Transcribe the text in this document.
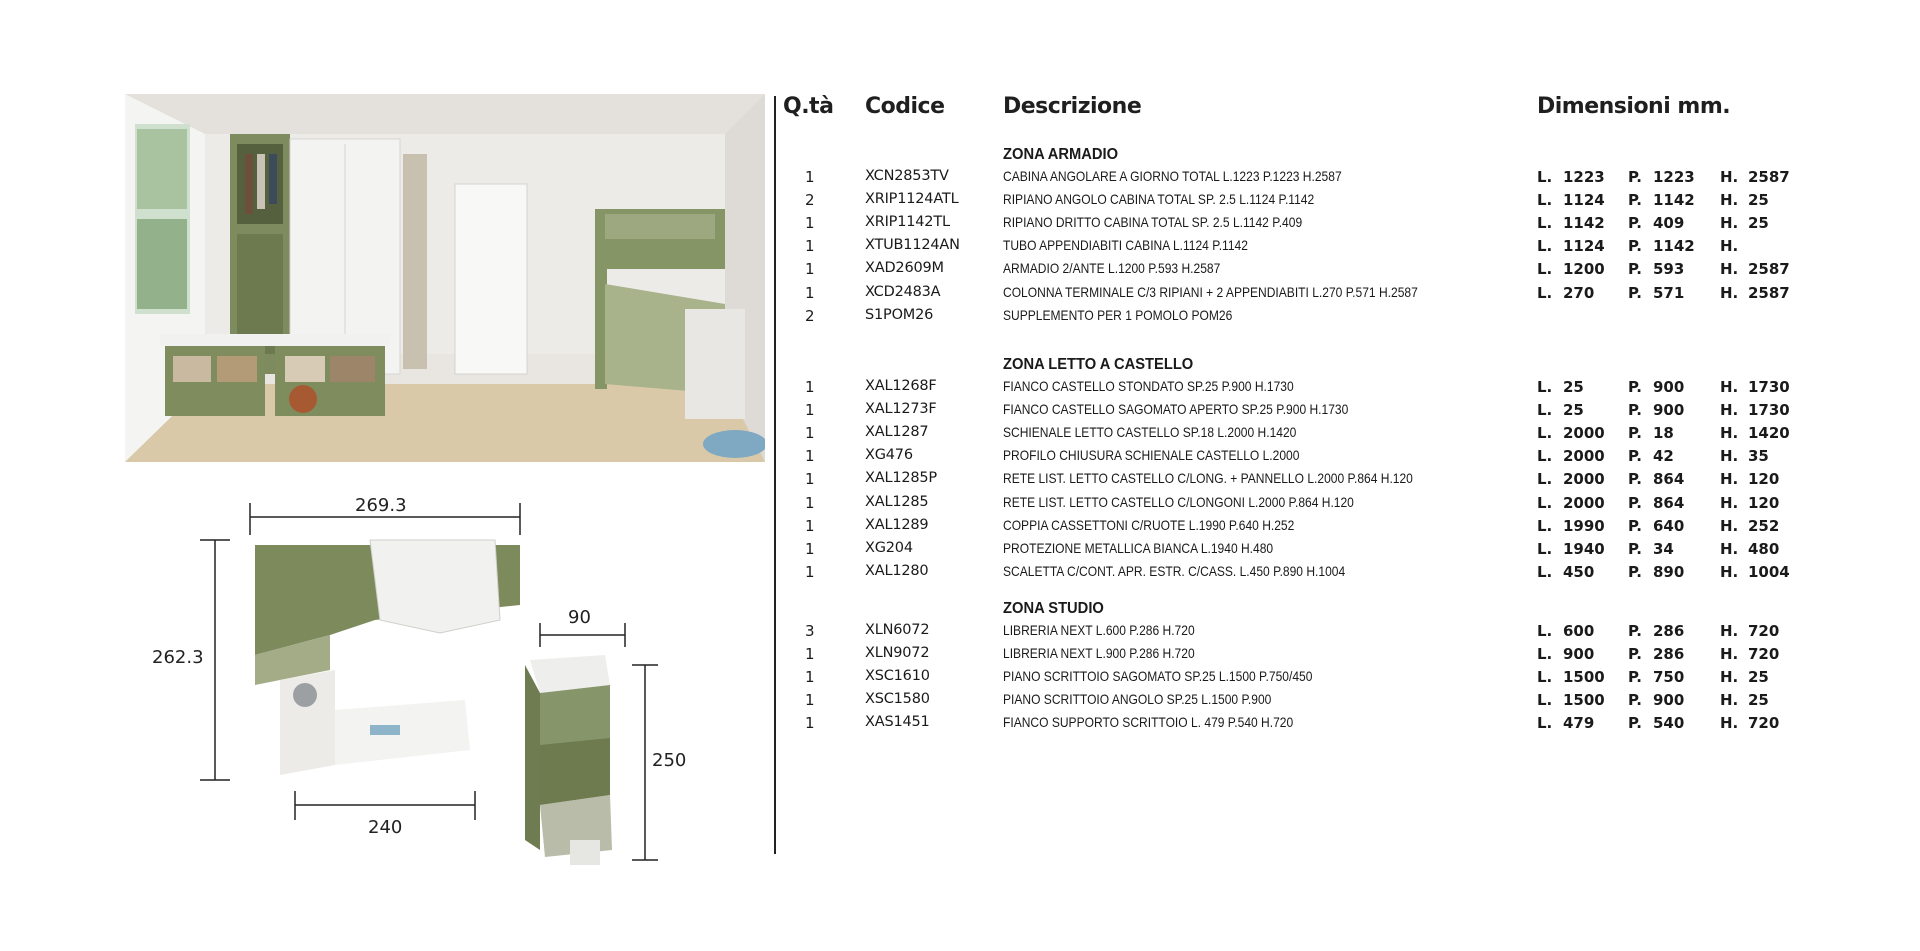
269.3
262.3
240
90
250
Q.tà Codice	Descrizione	Dimensioni mm.
ZONA ARMADIO
1	XCN2853TV	CABINA ANGOLARE A GIORNO TOTAL L.1223 P.1223 H.2587	L. 1223 P. 1223 H. 2587
2	XRIP1124ATL	RIPIANO ANGOLO CABINA TOTAL SP. 2.5 L.1124 P.1142	L. 1124 P. 1142 H. 25
1	XRIP1142TL	RIPIANO DRITTO CABINA TOTAL SP. 2.5 L.1142 P.409	L. 1142 P. 409 H. 25
1	XTUB1124AN	TUBO APPENDIABITI CABINA L.1124 P.1142	L. 1124 P. 1142 H.
1	XAD2609M	ARMADIO 2/ANTE L.1200 P.593 H.2587	L. 1200 P. 593 H. 2587
1	XCD2483A	COLONNA TERMINALE C/3 RIPIANI + 2 APPENDIABITI L.270 P.571 H.2587	L. 270 P. 571 H. 2587
2	S1POM26	SUPPLEMENTO PER 1 POMOLO POM26
ZONA LETTO A CASTELLO
1	XAL1268F	FIANCO CASTELLO STONDATO SP.25 P.900 H.1730	L. 25	P. 900 H. 1730
1	XAL1273F	FIANCO CASTELLO SAGOMATO APERTO SP.25 P.900 H.1730	L. 25	P. 900 H. 1730
1	XAL1287	SCHIENALE LETTO CASTELLO SP.18 L.2000 H.1420	L. 2000 P. 18	H. 1420
1	XG476	PROFILO CHIUSURA SCHIENALE CASTELLO L.2000	L. 2000 P. 42	H. 35
1	XAL1285P	RETE LIST. LETTO CASTELLO C/LONG. + PANNELLO L.2000 P.864 H.120	L. 2000 P. 864 H. 120
1	XAL1285	RETE LIST. LETTO CASTELLO C/LONGONI L.2000 P.864 H.120	L. 2000 P. 864 H. 120
1	XAL1289	COPPIA CASSETTONI C/RUOTE L.1990 P.640 H.252	L. 1990 P. 640 H. 252
1	XG204	PROTEZIONE METALLICA BIANCA L.1940 H.480	L. 1940 P. 34	H. 480
1	XAL1280	SCALETTA C/CONT. APR. ESTR. C/CASS. L.450 P.890 H.1004	L. 450 P. 890 H. 1004
ZONA STUDIO
3	XLN6072	LIBRERIA NEXT L.600 P.286 H.720	L. 600 P. 286 H. 720
1	XLN9072	LIBRERIA NEXT L.900 P.286 H.720	L. 900 P. 286 H. 720
1	XSC1610	PIANO SCRITTOIO SAGOMATO SP.25 L.1500 P.750/450	L. 1500 P. 750 H. 25
1	XSC1580	PIANO SCRITTOIO ANGOLO SP.25 L.1500 P.900	L. 1500 P. 900 H. 25
1	XAS1451	FIANCO SUPPORTO SCRITTOIO L. 479 P.540 H.720	L. 479 P. 540 H. 720
